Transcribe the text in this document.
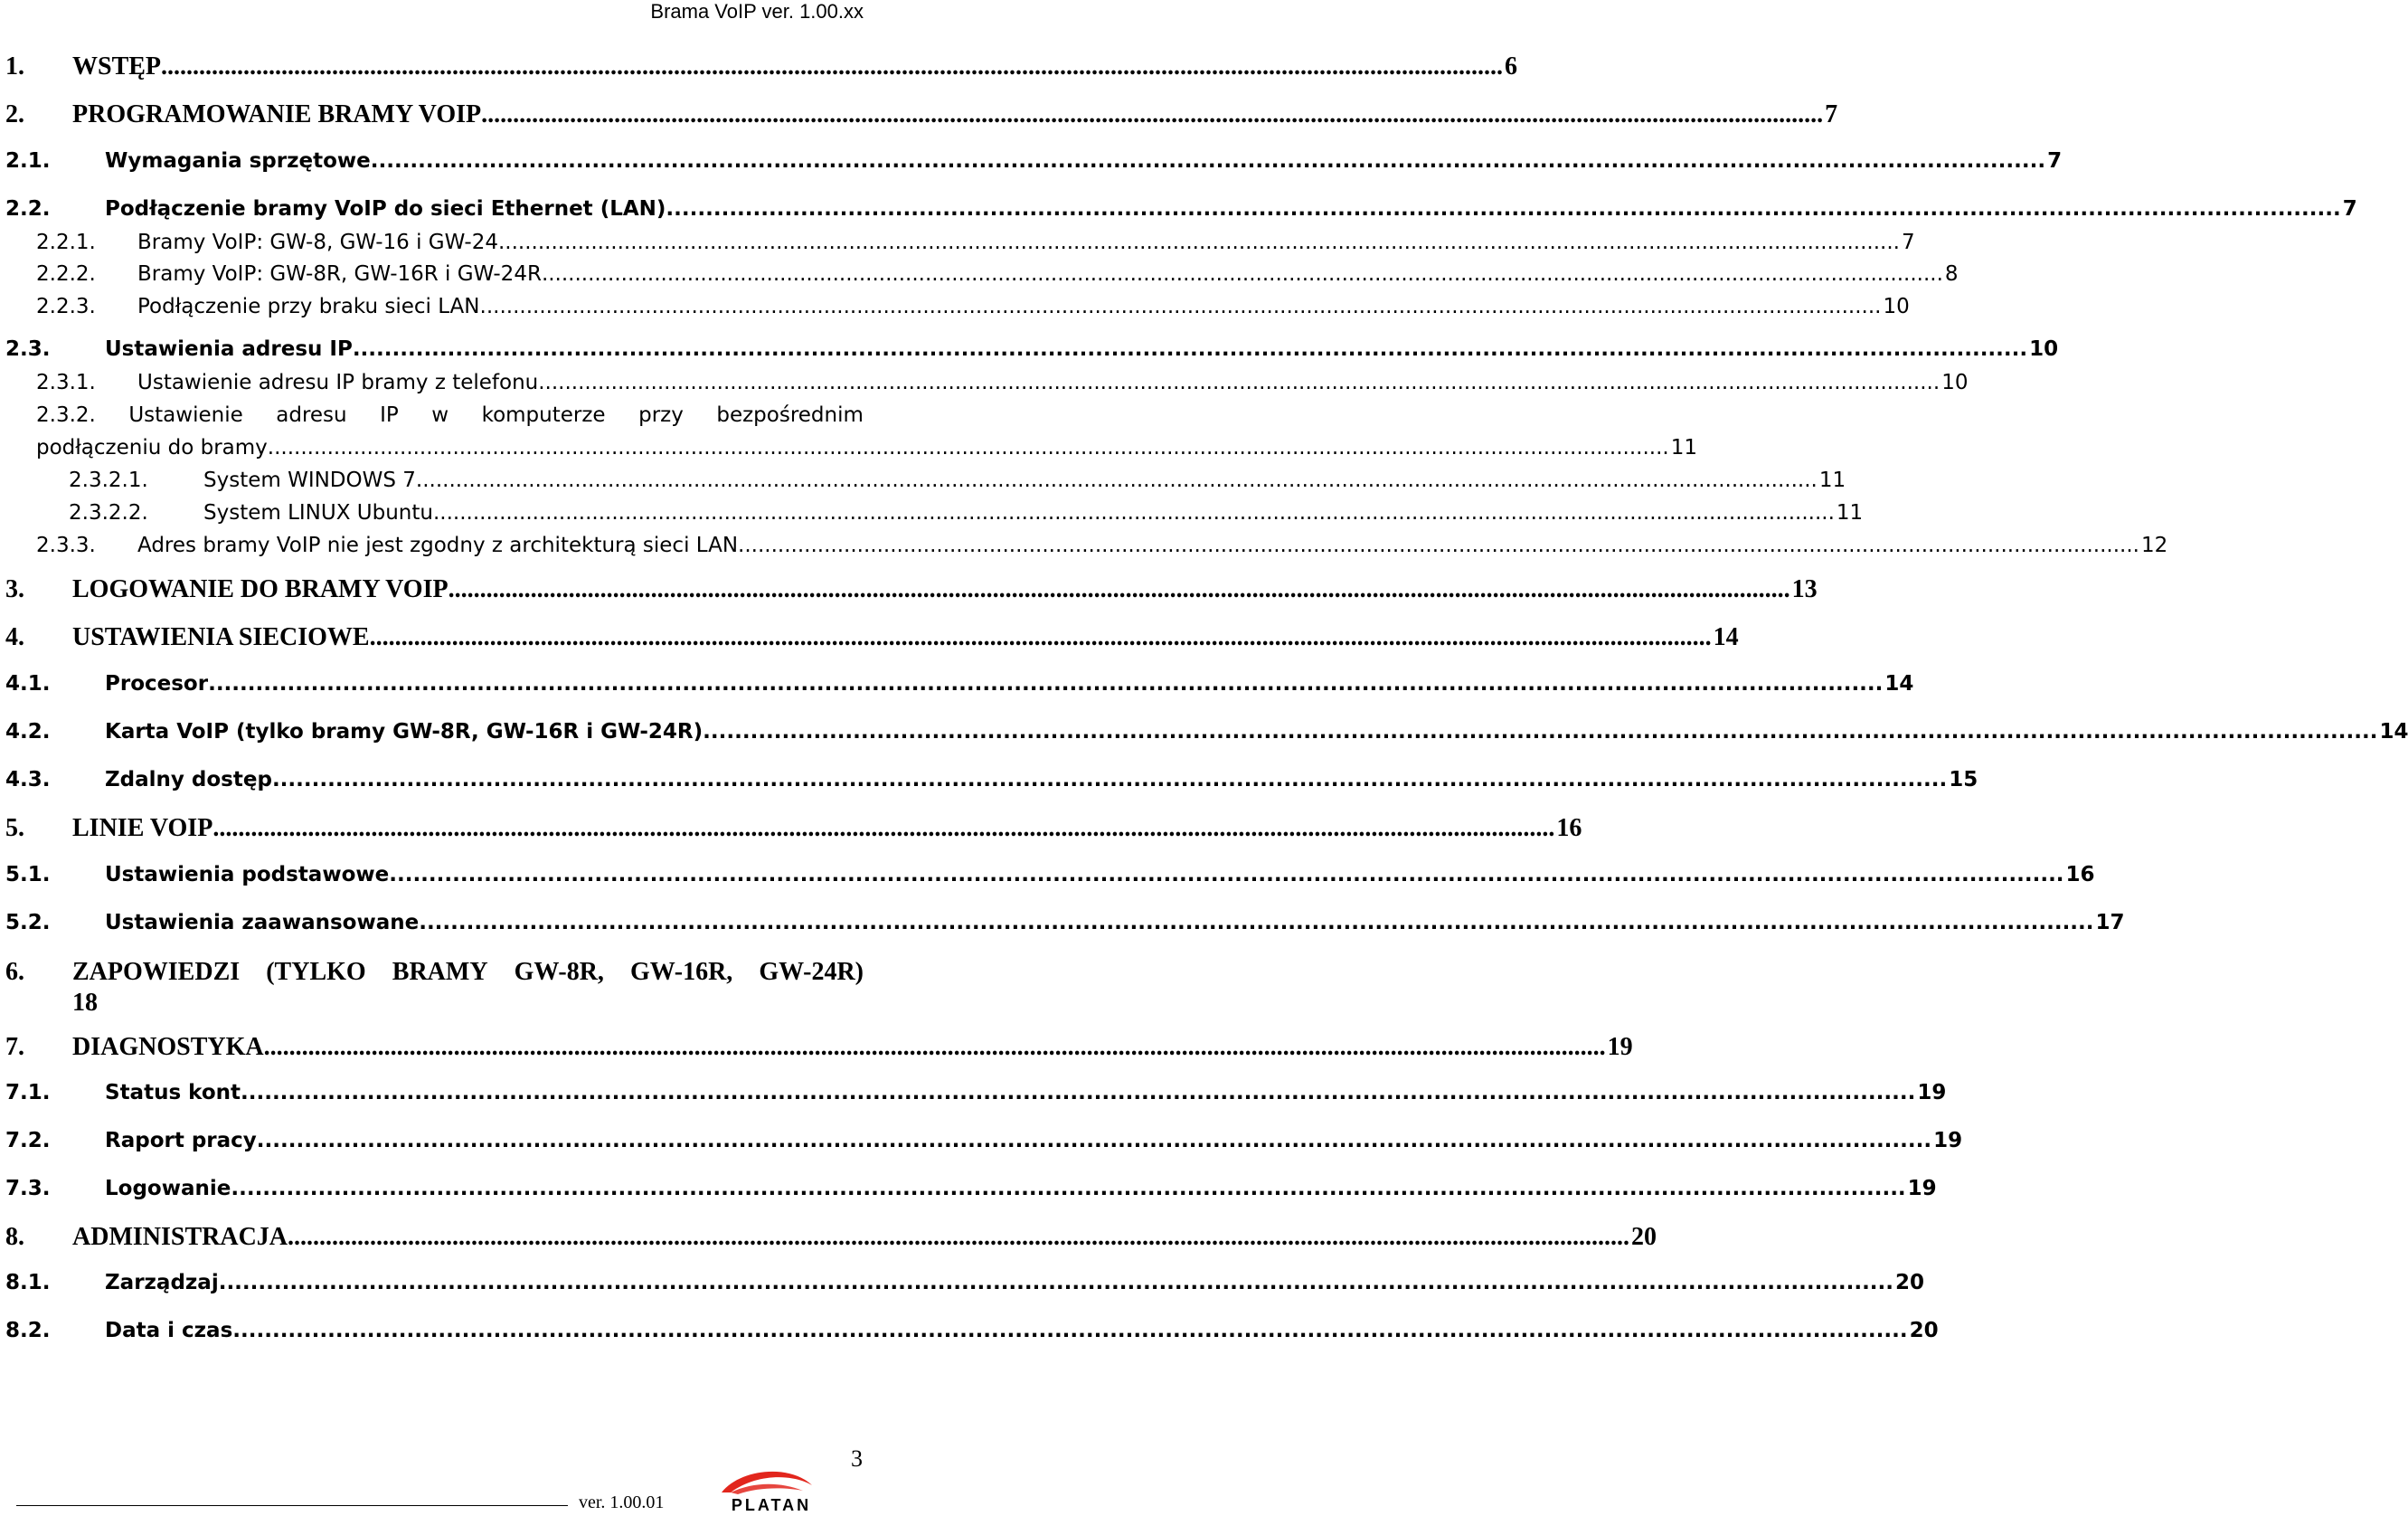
Brama VoIP ver. 1.00.xx
1.	WSTĘP .................................................................................................................................................................................................................... 6
2.	PROGRAMOWANIE BRAMY VOIP .................................................................................................................................................................................................................... 7
2.1.	Wymagania sprzętowe .................................................................................................................................................................................................................... 7
2.2.	Podłączenie bramy VoIP do sieci Ethernet (LAN) .................................................................................................................................................................................................................... 7
2.2.1.	Bramy VoIP: GW-8, GW-16 i GW-24 .................................................................................................................................................................................................................... 7
2.2.2.	Bramy VoIP: GW-8R, GW-16R i GW-24R .................................................................................................................................................................................................................... 8
2.2.3.	Podłączenie przy braku sieci LAN .................................................................................................................................................................................................................... 10
2.3.	Ustawienia adresu IP .................................................................................................................................................................................................................... 10
2.3.1.	Ustawienie adresu IP bramy z telefonu .................................................................................................................................................................................................................... 10
2.3.2. Ustawienie adresu IP w komputerze przy bezpośrednim
podłączeniu do bramy .................................................................................................................................................................................................................... 11
2.3.2.1.	System WINDOWS 7 .................................................................................................................................................................................................................... 11
2.3.2.2.	System LINUX Ubuntu .................................................................................................................................................................................................................... 11
2.3.3.	Adres bramy VoIP nie jest zgodny z architekturą sieci LAN .................................................................................................................................................................................................................... 12
3.	LOGOWANIE DO BRAMY VOIP .................................................................................................................................................................................................................... 13
4.	USTAWIENIA SIECIOWE .................................................................................................................................................................................................................... 14
4.1.	Procesor .................................................................................................................................................................................................................... 14
4.2.	Karta VoIP (tylko bramy GW-8R, GW-16R i GW-24R) .................................................................................................................................................................................................................... 14
4.3.	Zdalny dostęp .................................................................................................................................................................................................................... 15
5.	LINIE VOIP .................................................................................................................................................................................................................... 16
5.1.	Ustawienia podstawowe .................................................................................................................................................................................................................... 16
5.2.	Ustawienia zaawansowane .................................................................................................................................................................................................................... 17
6.	ZAPOWIEDZI (TYLKO BRAMY GW-8R, GW-16R, GW-24R)
18
7.	DIAGNOSTYKA .................................................................................................................................................................................................................... 19
7.1.	Status kont .................................................................................................................................................................................................................... 19
7.2.	Raport pracy .................................................................................................................................................................................................................... 19
7.3.	Logowanie .................................................................................................................................................................................................................... 19
8.	ADMINISTRACJA .................................................................................................................................................................................................................... 20
8.1.	Zarządzaj .................................................................................................................................................................................................................... 20
8.2.	Data i czas .................................................................................................................................................................................................................... 20
3
ver. 1.00.01	PLATAN
